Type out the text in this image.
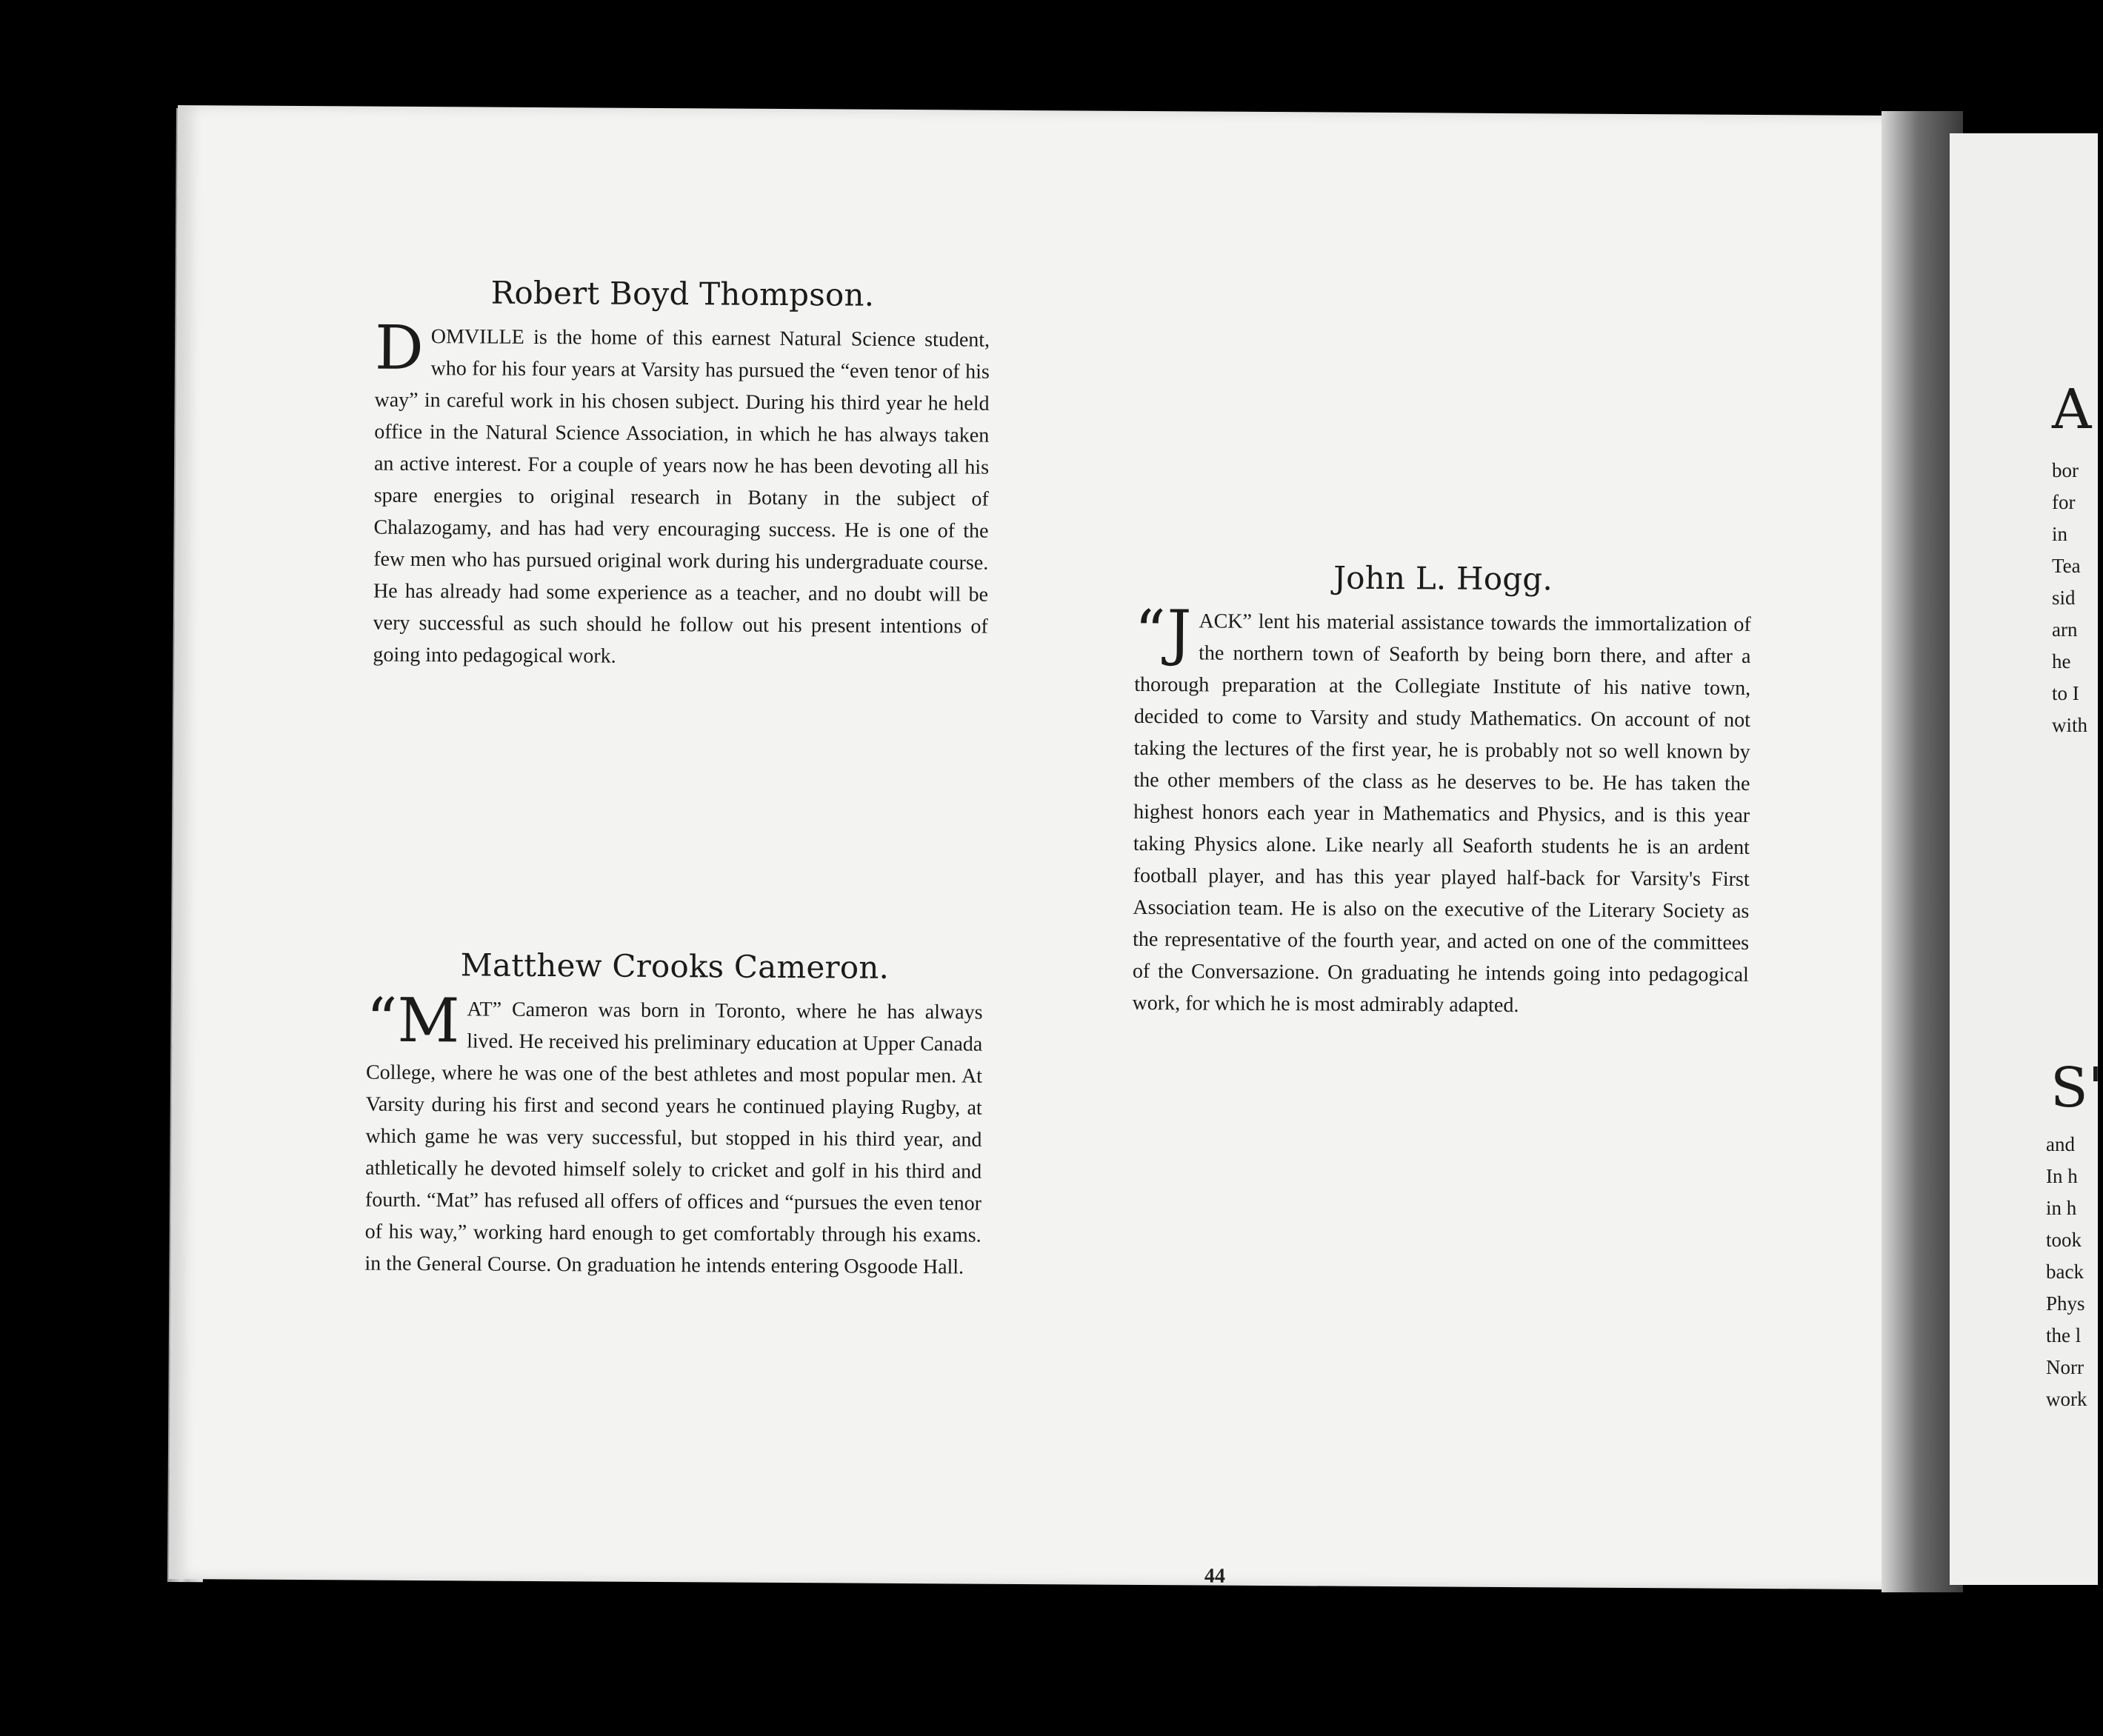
Robert Boyd Thompson.
DOMVILLE is the home of this earnest Natural Science student, who for his four years at Varsity has pursued the “even tenor of his way” in careful work in his chosen subject. During his third year he held office in the Natural Science Association, in which he has always taken an active interest. For a couple of years now he has been devoting all his spare energies to original research in Botany in the subject of Chalazogamy, and has had very encouraging success. He is one of the few men who has pursued original work during his undergraduate course. He has already had some experience as a teacher, and no doubt will be very successful as such should he follow out his present intentions of going into pedagogical work.
Matthew Crooks Cameron.
“MAT” Cameron was born in Toronto, where he has always lived. He received his preliminary education at Upper Canada College, where he was one of the best athletes and most popular men. At Varsity during his first and second years he continued playing Rugby, at which game he was very successful, but stopped in his third year, and athletically he devoted himself solely to cricket and golf in his third and fourth. “Mat” has refused all offers of offices and “pursues the even tenor of his way,” working hard enough to get comfortably through his exams. in the General Course. On graduation he intends entering Osgoode Hall.
John L. Hogg.
“JACK” lent his material assistance towards the immortalization of the northern town of Seaforth by being born there, and after a thorough preparation at the Collegiate Institute of his native town, decided to come to Varsity and study Mathematics. On account of not taking the lectures of the first year, he is probably not so well known by the other members of the class as he deserves to be. He has taken the highest honors each year in Mathematics and Physics, and is this year taking Physics alone. Like nearly all Seaforth students he is an ardent football player, and has this year played half-back for Varsity's First Association team. He is also on the executive of the Literary Society as the representative of the fourth year, and acted on one of the committees of the Conversazione. On graduating he intends going into pedagogical work, for which he is most admirably adapted.
44
A
bor
for
in
Tea
sid
arn
he
to I
with
S'
and
In h
in h
took
back
Phys
the l
Norr
work
